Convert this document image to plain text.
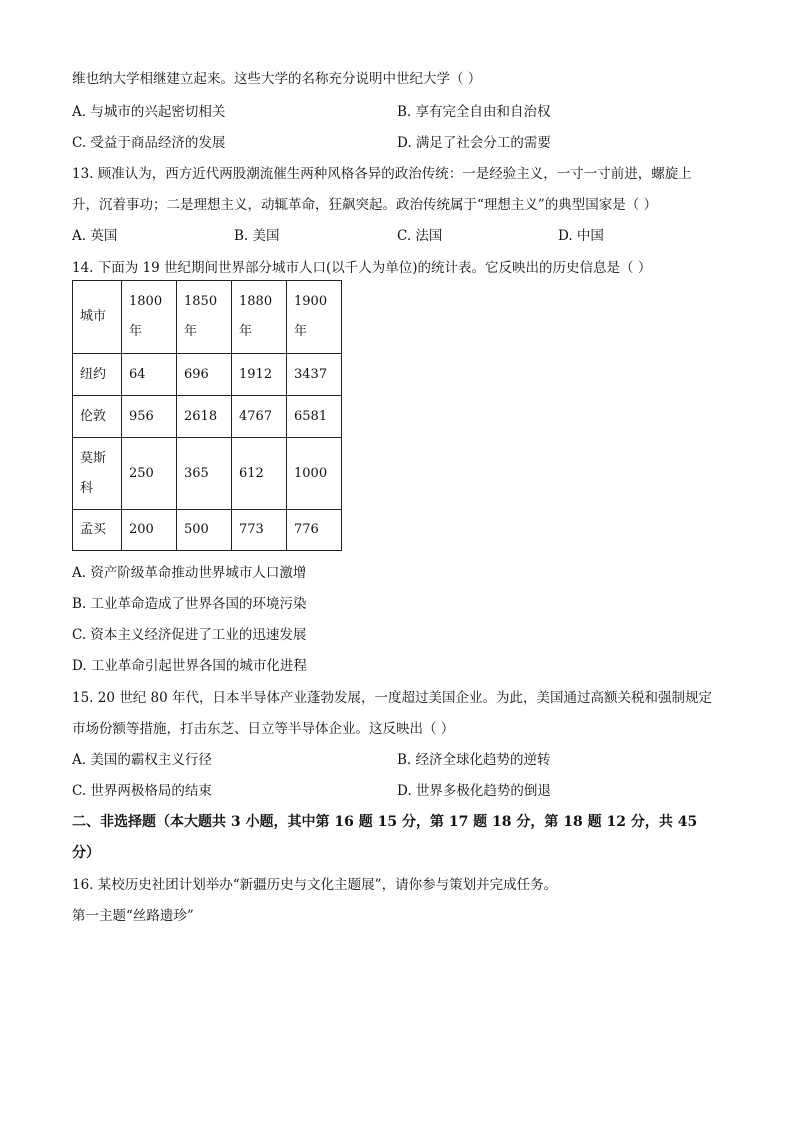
维也纳大学相继建立起来。这些大学的名称充分说明中世纪大学（ ）
A. 与城市的兴起密切相关	B. 享有完全自由和自治权
C. 受益于商品经济的发展	D. 满足了社会分工的需要
13. 顾准认为，西方近代两股潮流催生两种风格各异的政治传统：一是经验主义，一寸一寸前进，螺旋上
升，沉着事功；二是理想主义，动辄革命，狂飙突起。政治传统属于“理想主义”的典型国家是（ ）
A. 英国	B. 美国	C. 法国	D. 中国
14. 下面为 19 世纪期间世界部分城市人口(以千人为单位)的统计表。它反映出的历史信息是（ ）
城市	1800 年	1850 年	1880 年	1900 年
纽约	64	696	1912	3437
伦敦	956	2618	4767	6581
莫斯科	250	365	612	1000
孟买	200	500	773	776
A. 资产阶级革命推动世界城市人口激增
B. 工业革命造成了世界各国的环境污染
C. 资本主义经济促进了工业的迅速发展
D. 工业革命引起世界各国的城市化进程
15. 20 世纪 80 年代，日本半导体产业蓬勃发展，一度超过美国企业。为此，美国通过高额关税和强制规定
市场份额等措施，打击东芝、日立等半导体企业。这反映出（ ）
A. 美国的霸权主义行径	B. 经济全球化趋势的逆转
C. 世界两极格局的结束	D. 世界多极化趋势的倒退
二、非选择题（本大题共 3 小题，其中第 16 题 15 分，第 17 题 18 分，第 18 题 12 分，共 45
分）
16. 某校历史社团计划举办“新疆历史与文化主题展”，请你参与策划并完成任务。
第一主题“丝路遗珍”
